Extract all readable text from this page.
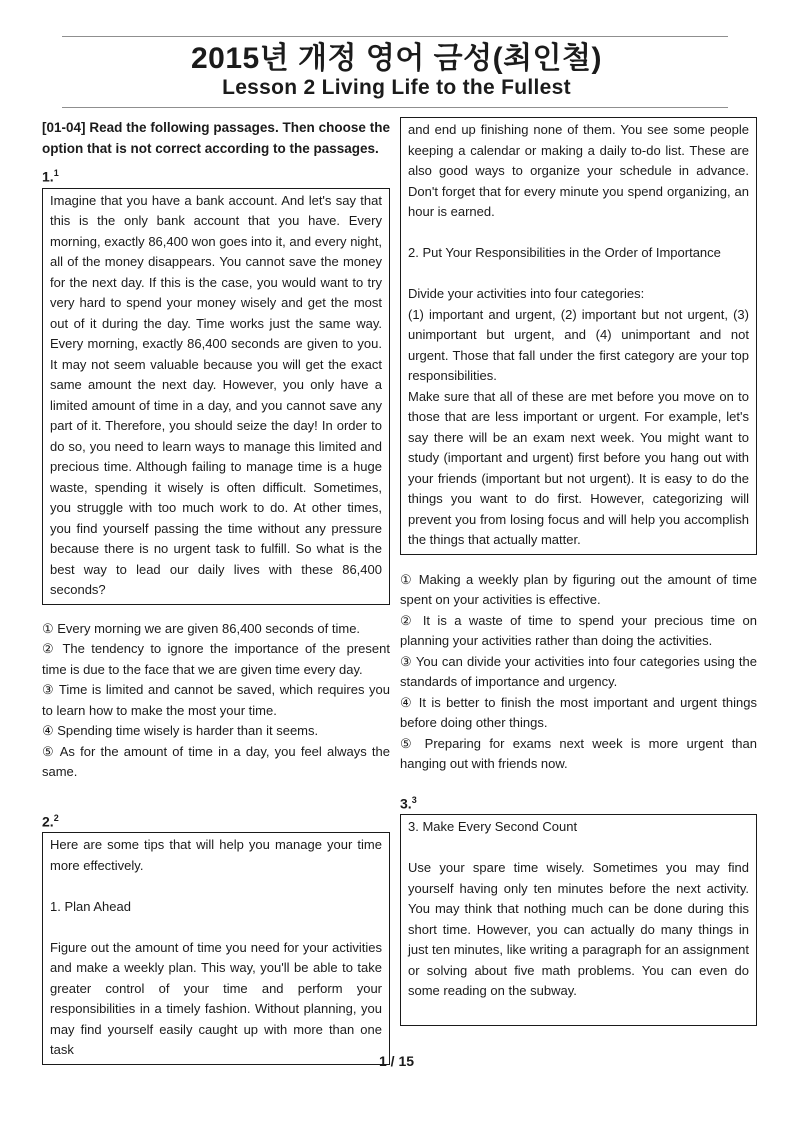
2015년 개정 영어 금성(최인철)
Lesson 2 Living Life to the Fullest

[01-04] Read the following passages. Then choose the option that is not correct according to the passages.

1.$^1$

Imagine that you have a bank account. And let's say that this is the only bank account that you have. Every morning, exactly 86,400 won goes into it, and every night, all of the money disappears. You cannot save the money for the next day. If this is the case, you would want to try very hard to spend your money wisely and get the most out of it during the day. Time works just the same way. Every morning, exactly 86,400 seconds are given to you. It may not seem valuable because you will get the exact same amount the next day. However, you only have a limited amount of time in a day, and you cannot save any part of it. Therefore, you should seize the day! In order to do so, you need to learn ways to manage this limited and precious time. Although failing to manage time is a huge waste, spending it wisely is often difficult. Sometimes, you struggle with too much work to do. At other times, you find yourself passing the time without any pressure because there is no urgent task to fulfill. So what is the best way to lead our daily lives with these 86,400 seconds?

① Every morning we are given 86,400 seconds of time.

② The tendency to ignore the importance of the present time is due to the face that we are given time every day.

③ Time is limited and cannot be saved, which requires you to learn how to make the most your time.

④ Spending time wisely is harder than it seems.

⑤ As for the amount of time in a day, you feel always the same.

2.$^2$

Here are some tips that will help you manage your time more effectively.

1. Plan Ahead

Figure out the amount of time you need for your activities and make a weekly plan. This way, you'll be able to take greater control of your time and perform your responsibilities in a timely fashion. Without planning, you may find yourself easily caught up with more than one task

and end up finishing none of them. You see some people keeping a calendar or making a daily to-do list. These are also good ways to organize your schedule in advance. Don't forget that for every minute you spend organizing, an hour is earned.

2. Put Your Responsibilities in the Order of Importance

Divide your activities into four categories:

(1) important and urgent, (2) important but not urgent, (3) unimportant but urgent, and (4) unimportant and not urgent. Those that fall under the first category are your top responsibilities.

Make sure that all of these are met before you move on to those that are less important or urgent. For example, let's say there will be an exam next week. You might want to study (important and urgent) first before you hang out with your friends (important but not urgent). It is easy to do the things you want to do first. However, categorizing will prevent you from losing focus and will help you accomplish the things that actually matter.

① Making a weekly plan by figuring out the amount of time spent on your activities is effective.

② It is a waste of time to spend your precious time on planning your activities rather than doing the activities.

③ You can divide your activities into four categories using the standards of importance and urgency.

④ It is better to finish the most important and urgent things before doing other things.

⑤ Preparing for exams next week is more urgent than hanging out with friends now.

3.$^3$

3. Make Every Second Count

Use your spare time wisely. Sometimes you may find yourself having only ten minutes before the next activity. You may think that nothing much can be done during this short time. However, you can actually do many things in just ten minutes, like writing a paragraph for an assignment or solving about five math problems. You can even do some reading on the subway.

1 / 15
